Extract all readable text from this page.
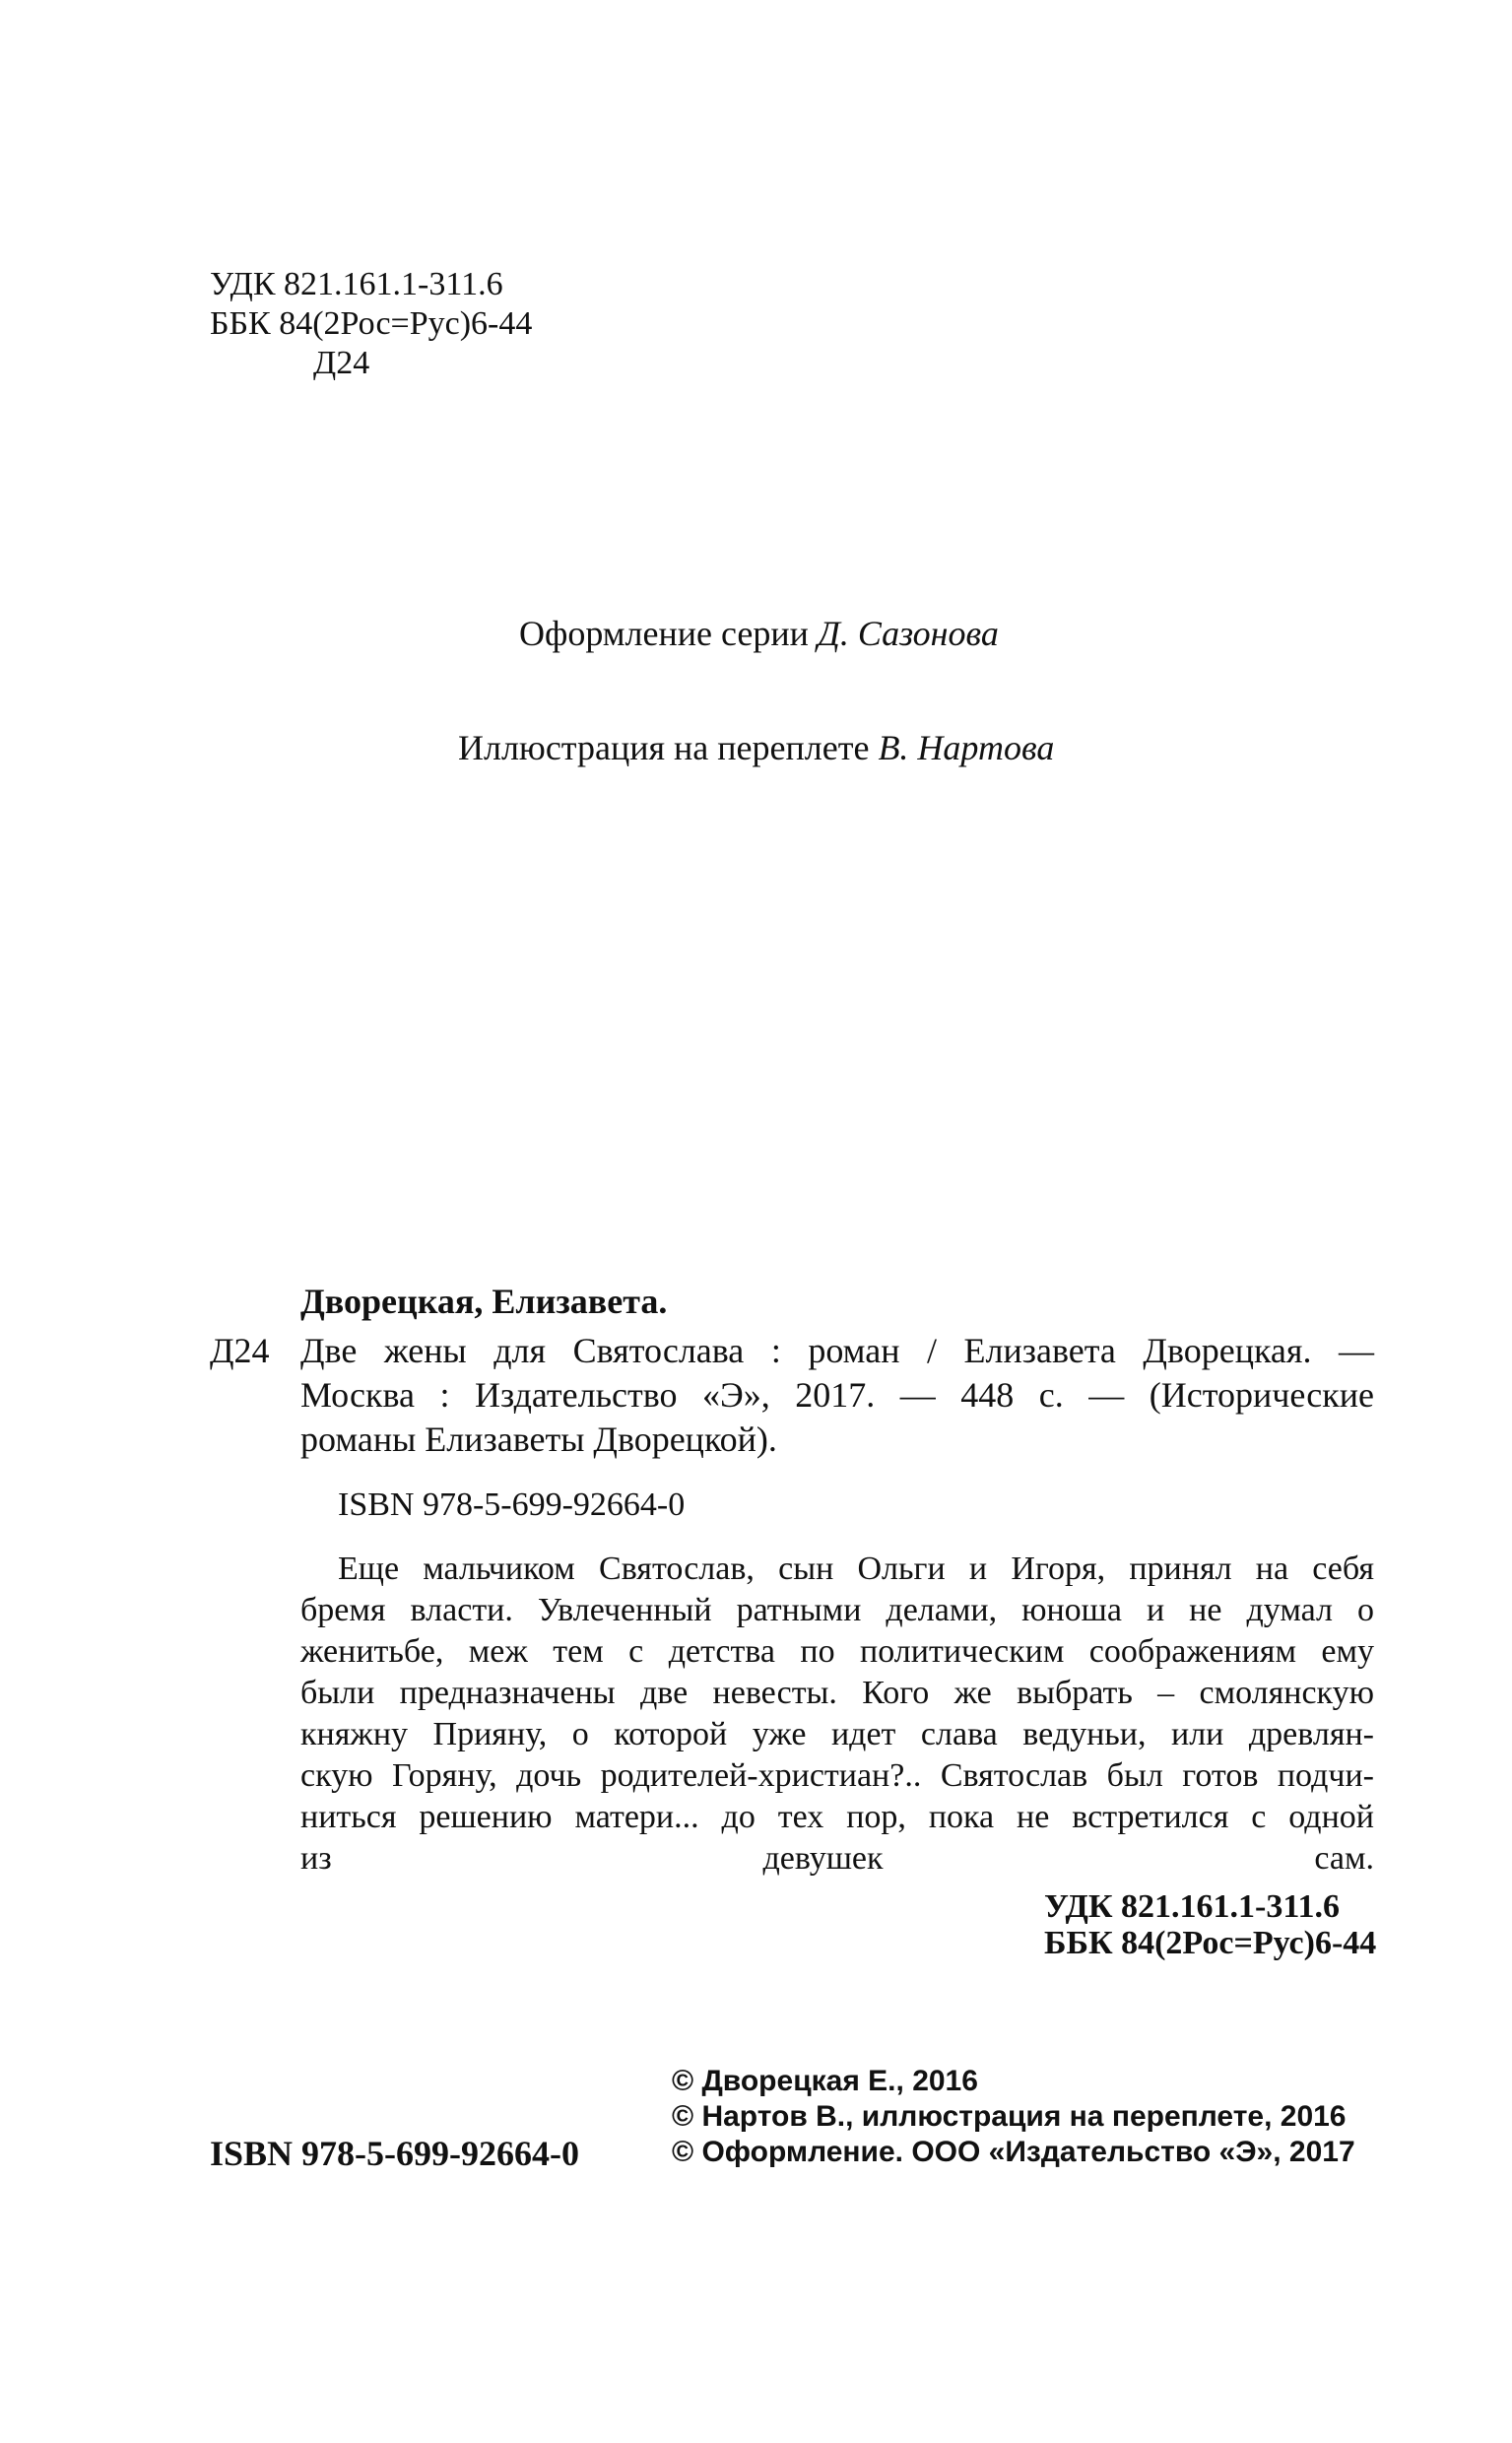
УДК 821.161.1-311.6
ББК 84(2Рос=Рус)6-44
Д24
Оформление серии Д. Сазонова
Иллюстрация на переплете В. Нартова
Дворецкая, Елизавета.
Д24 Две жены для Святослава : роман / Елизавета Дворецкая. —
Москва : Издательство «Э», 2017. — 448 с. — (Исторические
романы Елизаветы Дворецкой).
ISBN 978-5-699-92664-0
Еще мальчиком Святослав, сын Ольги и Игоря, принял на себя
бремя власти. Увлеченный ратными делами, юноша и не думал о
женитьбе, меж тем с детства по политическим соображениям ему
были предназначены две невесты. Кого же выбрать – смолянскую
княжну Прияну, о которой уже идет слава ведуньи, или древлян-
скую Горяну, дочь родителей-христиан?.. Святослав был готов подчи-
ниться решению матери... до тех пор, пока не встретился с одной
из девушек сам.
УДК 821.161.1-311.6
ББК 84(2Рос=Рус)6-44
© Дворецкая Е., 2016
© Нартов В., иллюстрация на переплете, 2016
© Оформление. ООО «Издательство «Э», 2017
ISBN 978-5-699-92664-0
